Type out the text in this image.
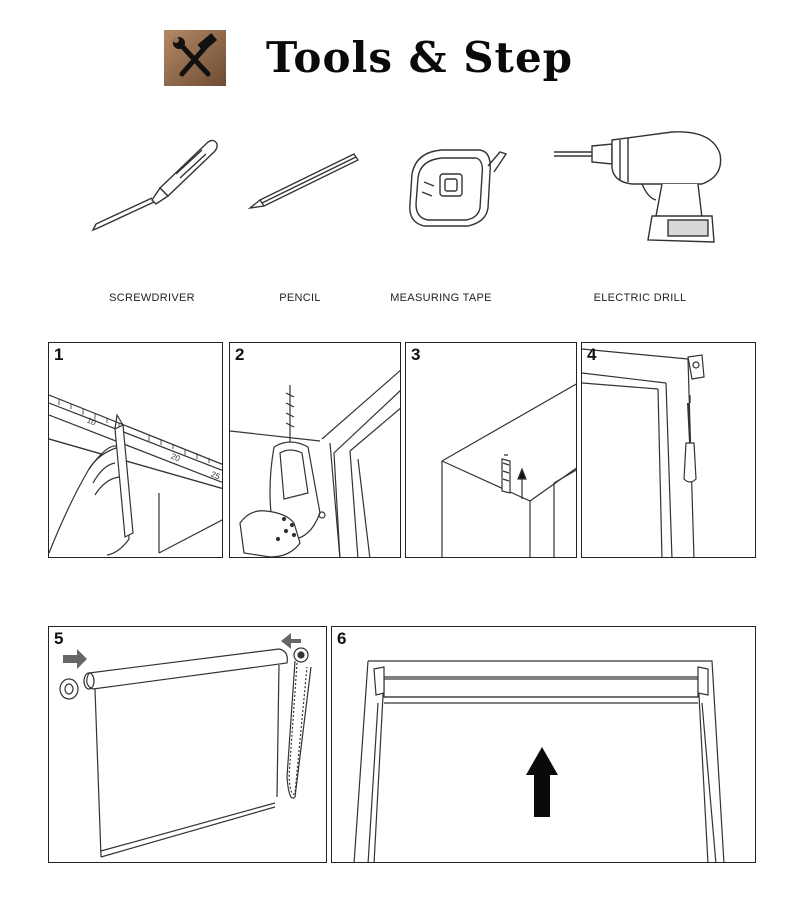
Tools & Step
SCREWDRIVER	PENCIL	MEASURING TAPE	ELECTRIC DRILL
10
20
25
1	2	3	4
5	6
